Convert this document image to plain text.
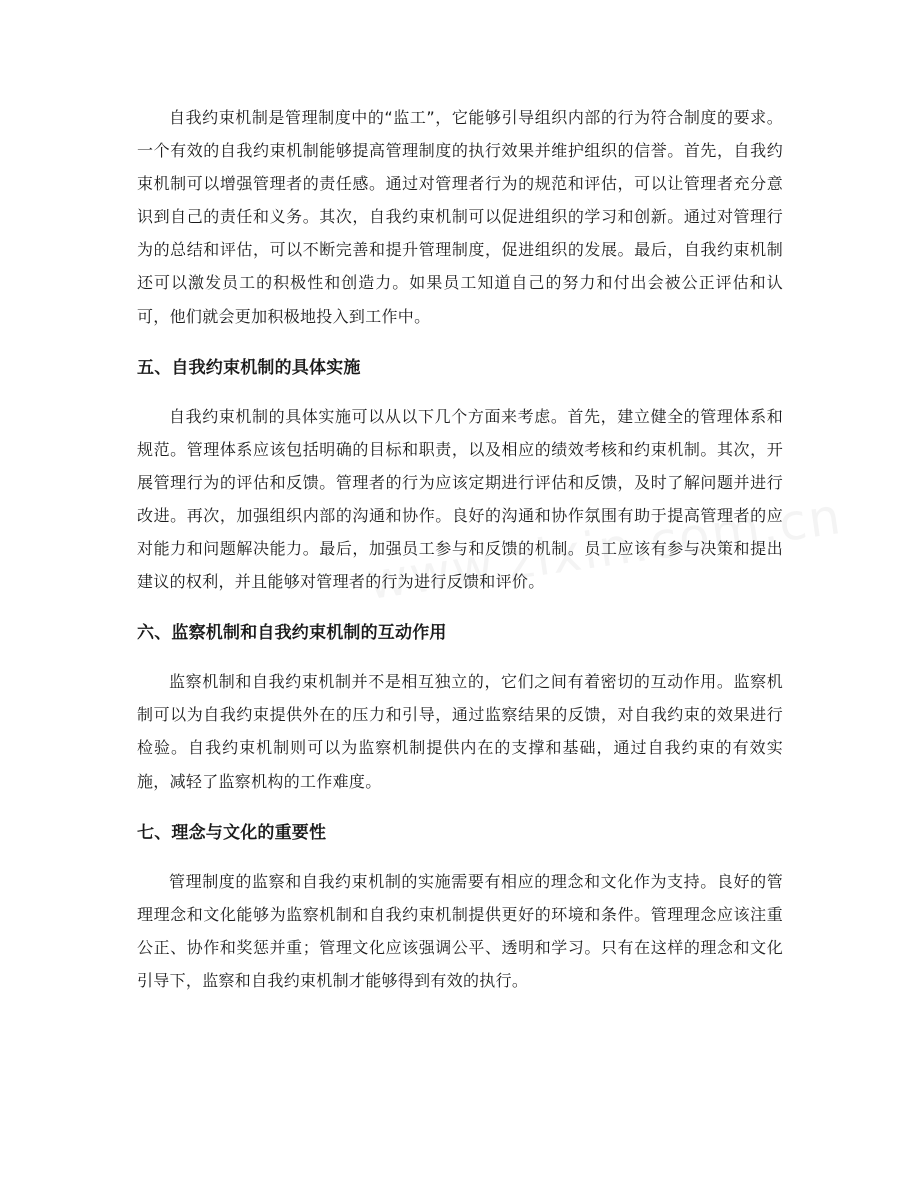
自我约束机制是管理制度中的“监工”，它能够引导组织内部的行为符合制度的要求。一个有效的自我约束机制能够提高管理制度的执行效果并维护组织的信誉。首先，自我约束机制可以增强管理者的责任感。通过对管理者行为的规范和评估，可以让管理者充分意识到自己的责任和义务。其次，自我约束机制可以促进组织的学习和创新。通过对管理行为的总结和评估，可以不断完善和提升管理制度，促进组织的发展。最后，自我约束机制还可以激发员工的积极性和创造力。如果员工知道自己的努力和付出会被公正评估和认可，他们就会更加积极地投入到工作中。

五、自我约束机制的具体实施

自我约束机制的具体实施可以从以下几个方面来考虑。首先，建立健全的管理体系和规范。管理体系应该包括明确的目标和职责，以及相应的绩效考核和约束机制。其次，开展管理行为的评估和反馈。管理者的行为应该定期进行评估和反馈，及时了解问题并进行改进。再次，加强组织内部的沟通和协作。良好的沟通和协作氛围有助于提高管理者的应对能力和问题解决能力。最后，加强员工参与和反馈的机制。员工应该有参与决策和提出建议的权利，并且能够对管理者的行为进行反馈和评价。

六、监察机制和自我约束机制的互动作用

监察机制和自我约束机制并不是相互独立的，它们之间有着密切的互动作用。监察机制可以为自我约束提供外在的压力和引导，通过监察结果的反馈，对自我约束的效果进行检验。自我约束机制则可以为监察机制提供内在的支撑和基础，通过自我约束的有效实施，减轻了监察机构的工作难度。

七、理念与文化的重要性

管理制度的监察和自我约束机制的实施需要有相应的理念和文化作为支持。良好的管理理念和文化能够为监察机制和自我约束机制提供更好的环境和条件。管理理念应该注重公正、协作和奖惩并重；管理文化应该强调公平、透明和学习。只有在这样的理念和文化引导下，监察和自我约束机制才能够得到有效的执行。
